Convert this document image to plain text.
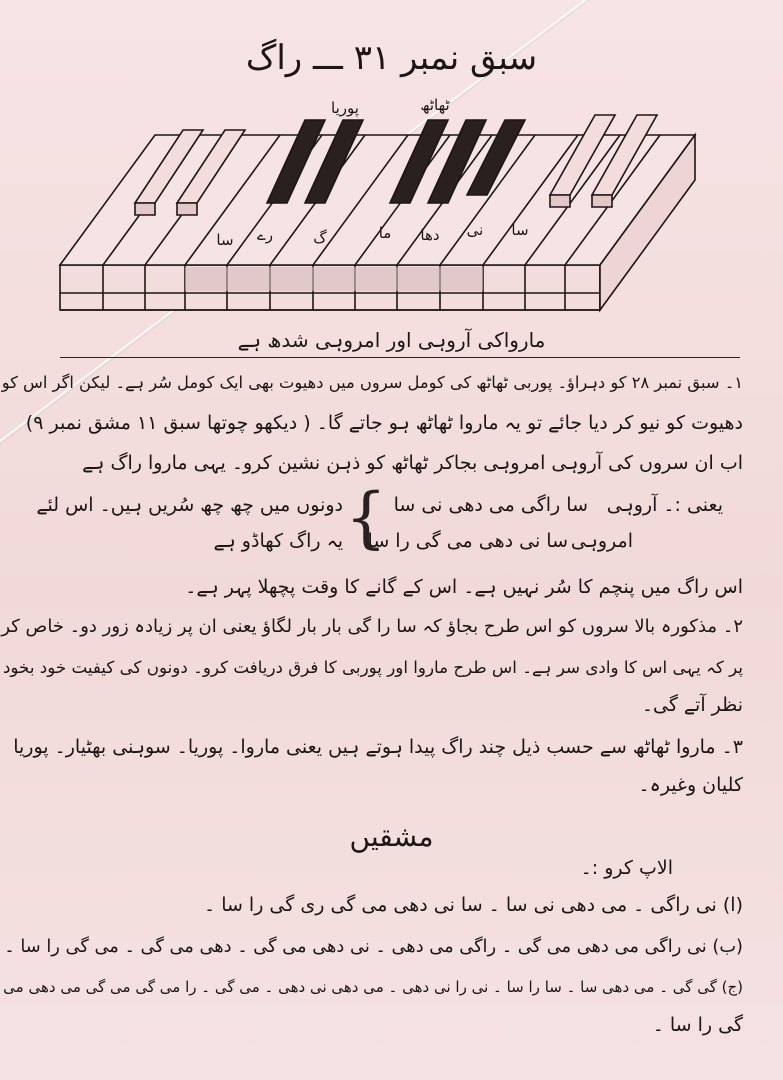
سبق نمبر ۳۱ ـــ راگ
پوریا	ٹھاٹھ
سا رے	گ	ما دھا نی سا
مارواکی آروہی اور امروہی شدھ ہے
۱۔ سبق نمبر ۲۸ کو دہراؤ۔ پوربی ٹھاٹھ کی کومل سروں میں دھیوت بھی ایک کومل سُر ہے۔ لیکن اگر اس کو
دھیوت کو نیو کر دیا جائے تو یہ ماروا ٹھاٹھ ہو جاتے گا۔ ( دیکھو چوتھا سبق ۱۱ مشق نمبر ۹)
اب ان سروں کی آروہی امروہی بجاکر ٹھاٹھ کو ذہن نشین کرو۔ یہی ماروا راگ ہے
یعنی :۔ آروہی
سا راگی می دھی نی سا
امروہی
سا نی دھی می گی را سا
{
دونوں میں چھ چھ سُریں ہیں۔ اس لئے
یہ راگ کھاڈو ہے
اس راگ میں پنچم کا سُر نہیں ہے۔ اس کے گانے کا وقت پچھلا پہر ہے۔
۲۔ مذکورہ بالا سروں کو اس طرح بجاؤ کہ سا را گی بار بار لگاؤ یعنی ان پر زیادہ زور دو۔ خاص کر
پر کہ یہی اس کا وادی سر ہے۔ اس طرح ماروا اور پوربی کا فرق دریافت کرو۔ دونوں کی کیفیت خود بخود
نظر آتے گی۔
۳۔ ماروا ٹھاٹھ سے حسب ذیل چند راگ پیدا ہوتے ہیں یعنی ماروا۔ پوریا۔ سوہنی بھٹیار۔ پوریا
کلیان وغیرہ۔
مشقیں
الاپ کرو :۔
(ا) نی راگی ۔ می دھی نی سا ۔ سا نی دھی می گی ری گی را سا ۔
(ب) نی راگی می دھی می گی ۔ راگی می دھی ۔ نی دھی می گی ۔ دھی می گی ۔ می گی را سا ۔
(ج) گی گی ۔ می دھی سا ۔ سا را سا ۔ نی را نی دھی ۔ می دھی نی دھی ۔ می گی ۔ را می گی می گی می دھی می
گی را سا ۔
